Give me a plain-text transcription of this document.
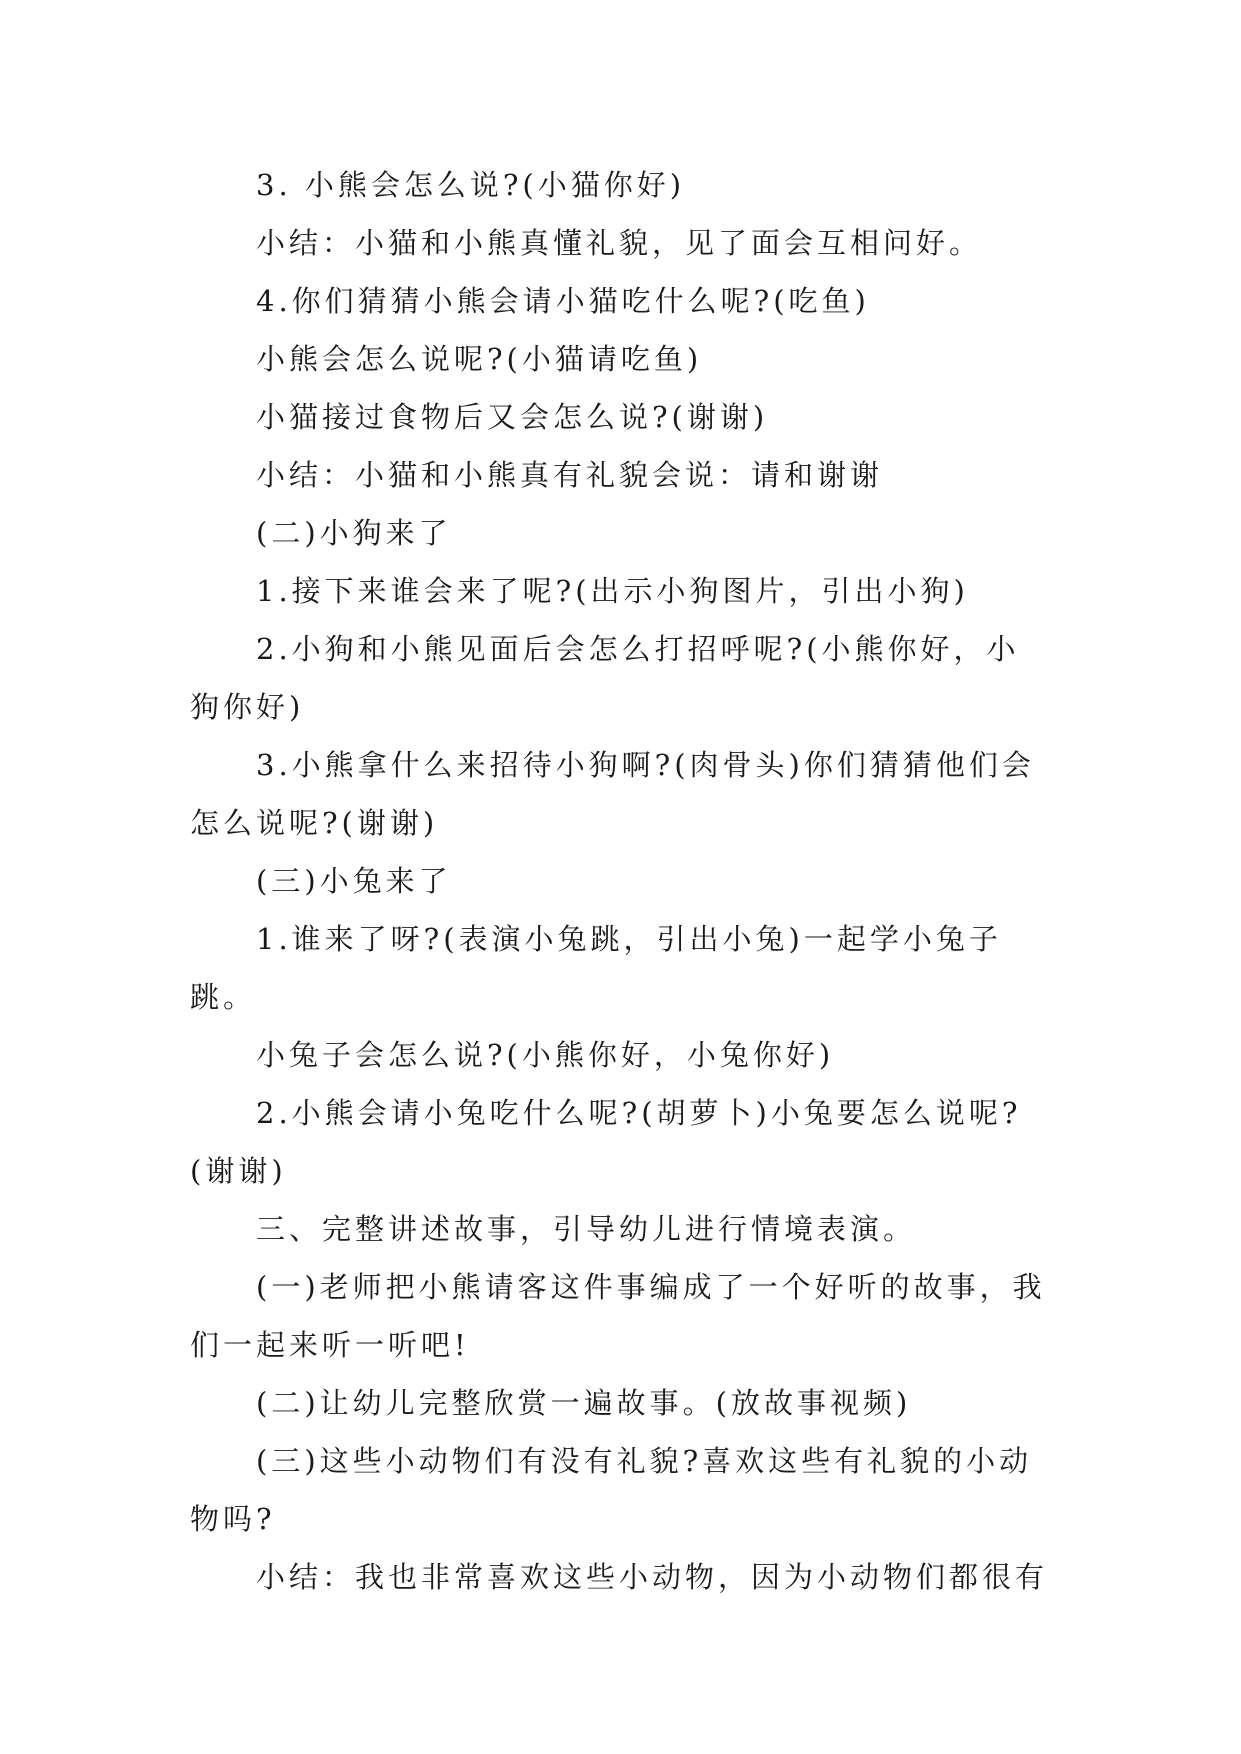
3. 小熊会怎么说?(小猫你好)

小结：小猫和小熊真懂礼貌，见了面会互相问好。

4.你们猜猜小熊会请小猫吃什么呢?(吃鱼)

小熊会怎么说呢?(小猫请吃鱼)

小猫接过食物后又会怎么说?(谢谢)

小结：小猫和小熊真有礼貌会说：请和谢谢

(二)小狗来了

1.接下来谁会来了呢?(出示小狗图片，引出小狗)

2.小狗和小熊见面后会怎么打招呼呢?(小熊你好，小狗你好)

3.小熊拿什么来招待小狗啊?(肉骨头)你们猜猜他们会怎么说呢?(谢谢)

(三)小兔来了

1.谁来了呀?(表演小兔跳，引出小兔)一起学小兔子跳。

小兔子会怎么说?(小熊你好，小兔你好)

2.小熊会请小兔吃什么呢?(胡萝卜)小兔要怎么说呢?(谢谢)

三、完整讲述故事，引导幼儿进行情境表演。

(一)老师把小熊请客这件事编成了一个好听的故事，我们一起来听一听吧!

(二)让幼儿完整欣赏一遍故事。(放故事视频)

(三)这些小动物们有没有礼貌?喜欢这些有礼貌的小动物吗?

小结：我也非常喜欢这些小动物，因为小动物们都很有
